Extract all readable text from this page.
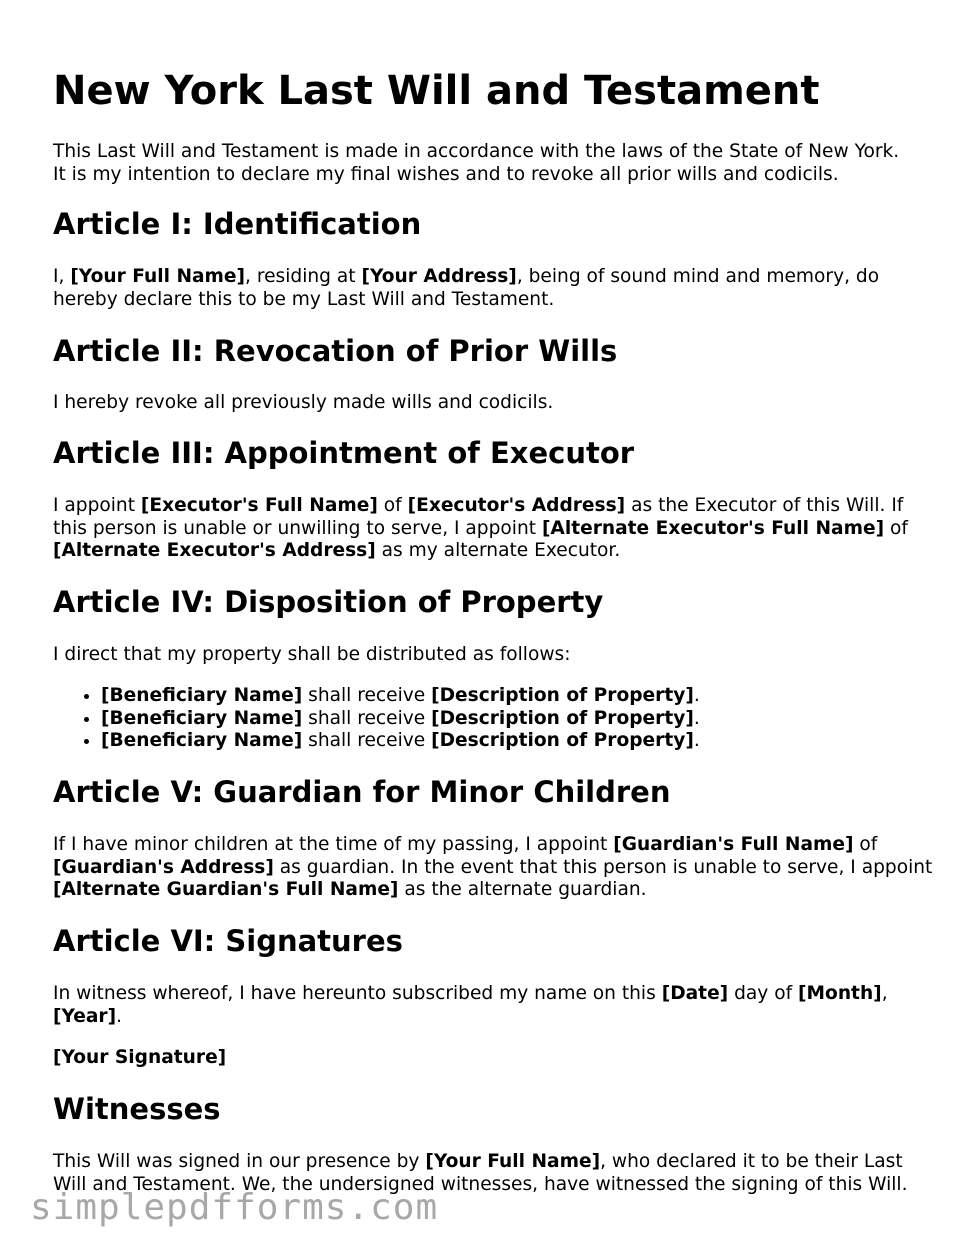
New York Last Will and Testament

This Last Will and Testament is made in accordance with the laws of the State of New York.
It is my intention to declare my final wishes and to revoke all prior wills and codicils.

Article I: Identification

I, [Your Full Name], residing at [Your Address], being of sound mind and memory, do hereby declare this to be my Last Will and Testament.

Article II: Revocation of Prior Wills

I hereby revoke all previously made wills and codicils.

Article III: Appointment of Executor

I appoint [Executor's Full Name] of [Executor's Address] as the Executor of this Will. If this person is unable or unwilling to serve, I appoint [Alternate Executor's Full Name] of [Alternate Executor's Address] as my alternate Executor.

Article IV: Disposition of Property

I direct that my property shall be distributed as follows:

• [Beneficiary Name] shall receive [Description of Property].
• [Beneficiary Name] shall receive [Description of Property].
• [Beneficiary Name] shall receive [Description of Property].
Article V: Guardian for Minor Children

If I have minor children at the time of my passing, I appoint [Guardian's Full Name] of [Guardian's Address] as guardian. In the event that this person is unable to serve, I appoint [Alternate Guardian's Full Name] as the alternate guardian.

Article VI: Signatures

In witness whereof, I have hereunto subscribed my name on this [Date] day of [Month], [Year].

[Your Signature]

Witnesses

This Will was signed in our presence by [Your Full Name], who declared it to be their Last Will and Testament. We, the undersigned witnesses, have witnessed the signing of this Will.

simplepdfforms.com
